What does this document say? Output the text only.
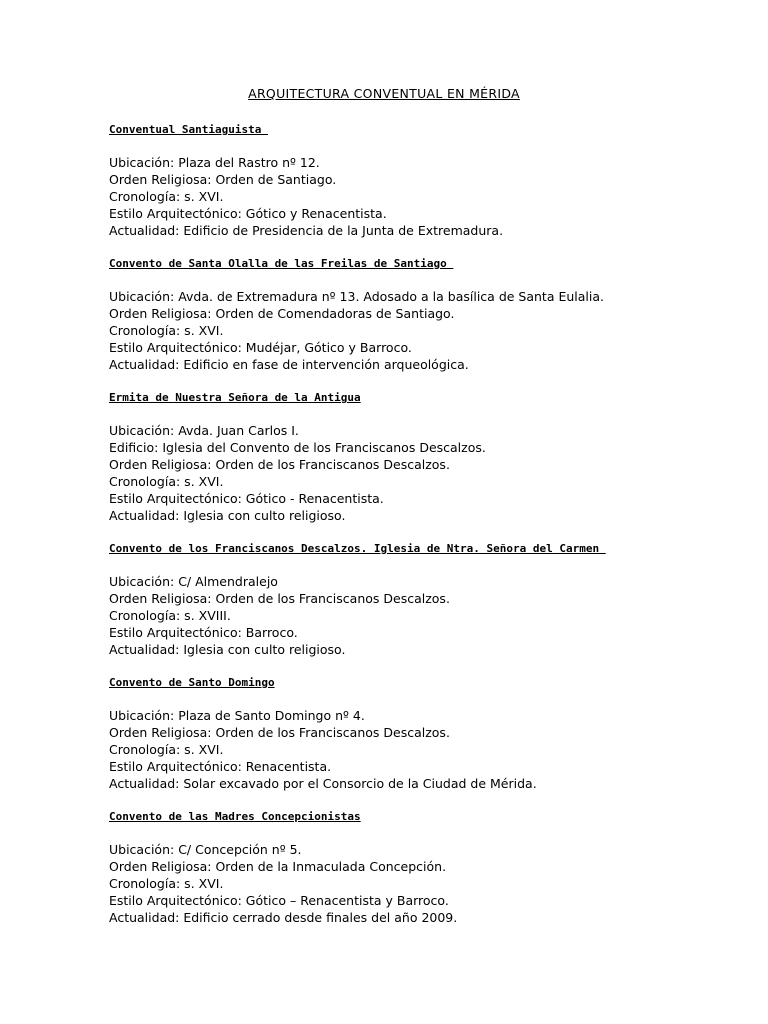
ARQUITECTURA CONVENTUAL EN MÉRIDA
Conventual Santiaguista
Ubicación: Plaza del Rastro nº 12.
Orden Religiosa: Orden de Santiago.
Cronología: s. XVI.
Estilo Arquitectónico: Gótico y Renacentista.
Actualidad: Edificio de Presidencia de la Junta de Extremadura.
Convento de Santa Olalla de las Freilas de Santiago
Ubicación: Avda. de Extremadura nº 13. Adosado a la basílica de Santa Eulalia.
Orden Religiosa: Orden de Comendadoras de Santiago.
Cronología: s. XVI.
Estilo Arquitectónico: Mudéjar, Gótico y Barroco.
Actualidad: Edificio en fase de intervención arqueológica.
Ermita de Nuestra Señora de la Antigua
Ubicación: Avda. Juan Carlos I.
Edificio: Iglesia del Convento de los Franciscanos Descalzos.
Orden Religiosa: Orden de los Franciscanos Descalzos.
Cronología: s. XVI.
Estilo Arquitectónico: Gótico - Renacentista.
Actualidad: Iglesia con culto religioso.
Convento de los Franciscanos Descalzos. Iglesia de Ntra. Señora del Carmen
Ubicación: C/ Almendralejo
Orden Religiosa: Orden de los Franciscanos Descalzos.
Cronología: s. XVIII.
Estilo Arquitectónico: Barroco.
Actualidad: Iglesia con culto religioso.
Convento de Santo Domingo
Ubicación: Plaza de Santo Domingo nº 4.
Orden Religiosa: Orden de los Franciscanos Descalzos.
Cronología: s. XVI.
Estilo Arquitectónico: Renacentista.
Actualidad: Solar excavado por el Consorcio de la Ciudad de Mérida.
Convento de las Madres Concepcionistas
Ubicación: C/ Concepción nº 5.
Orden Religiosa: Orden de la Inmaculada Concepción.
Cronología: s. XVI.
Estilo Arquitectónico: Gótico – Renacentista y Barroco.
Actualidad: Edificio cerrado desde finales del año 2009.
